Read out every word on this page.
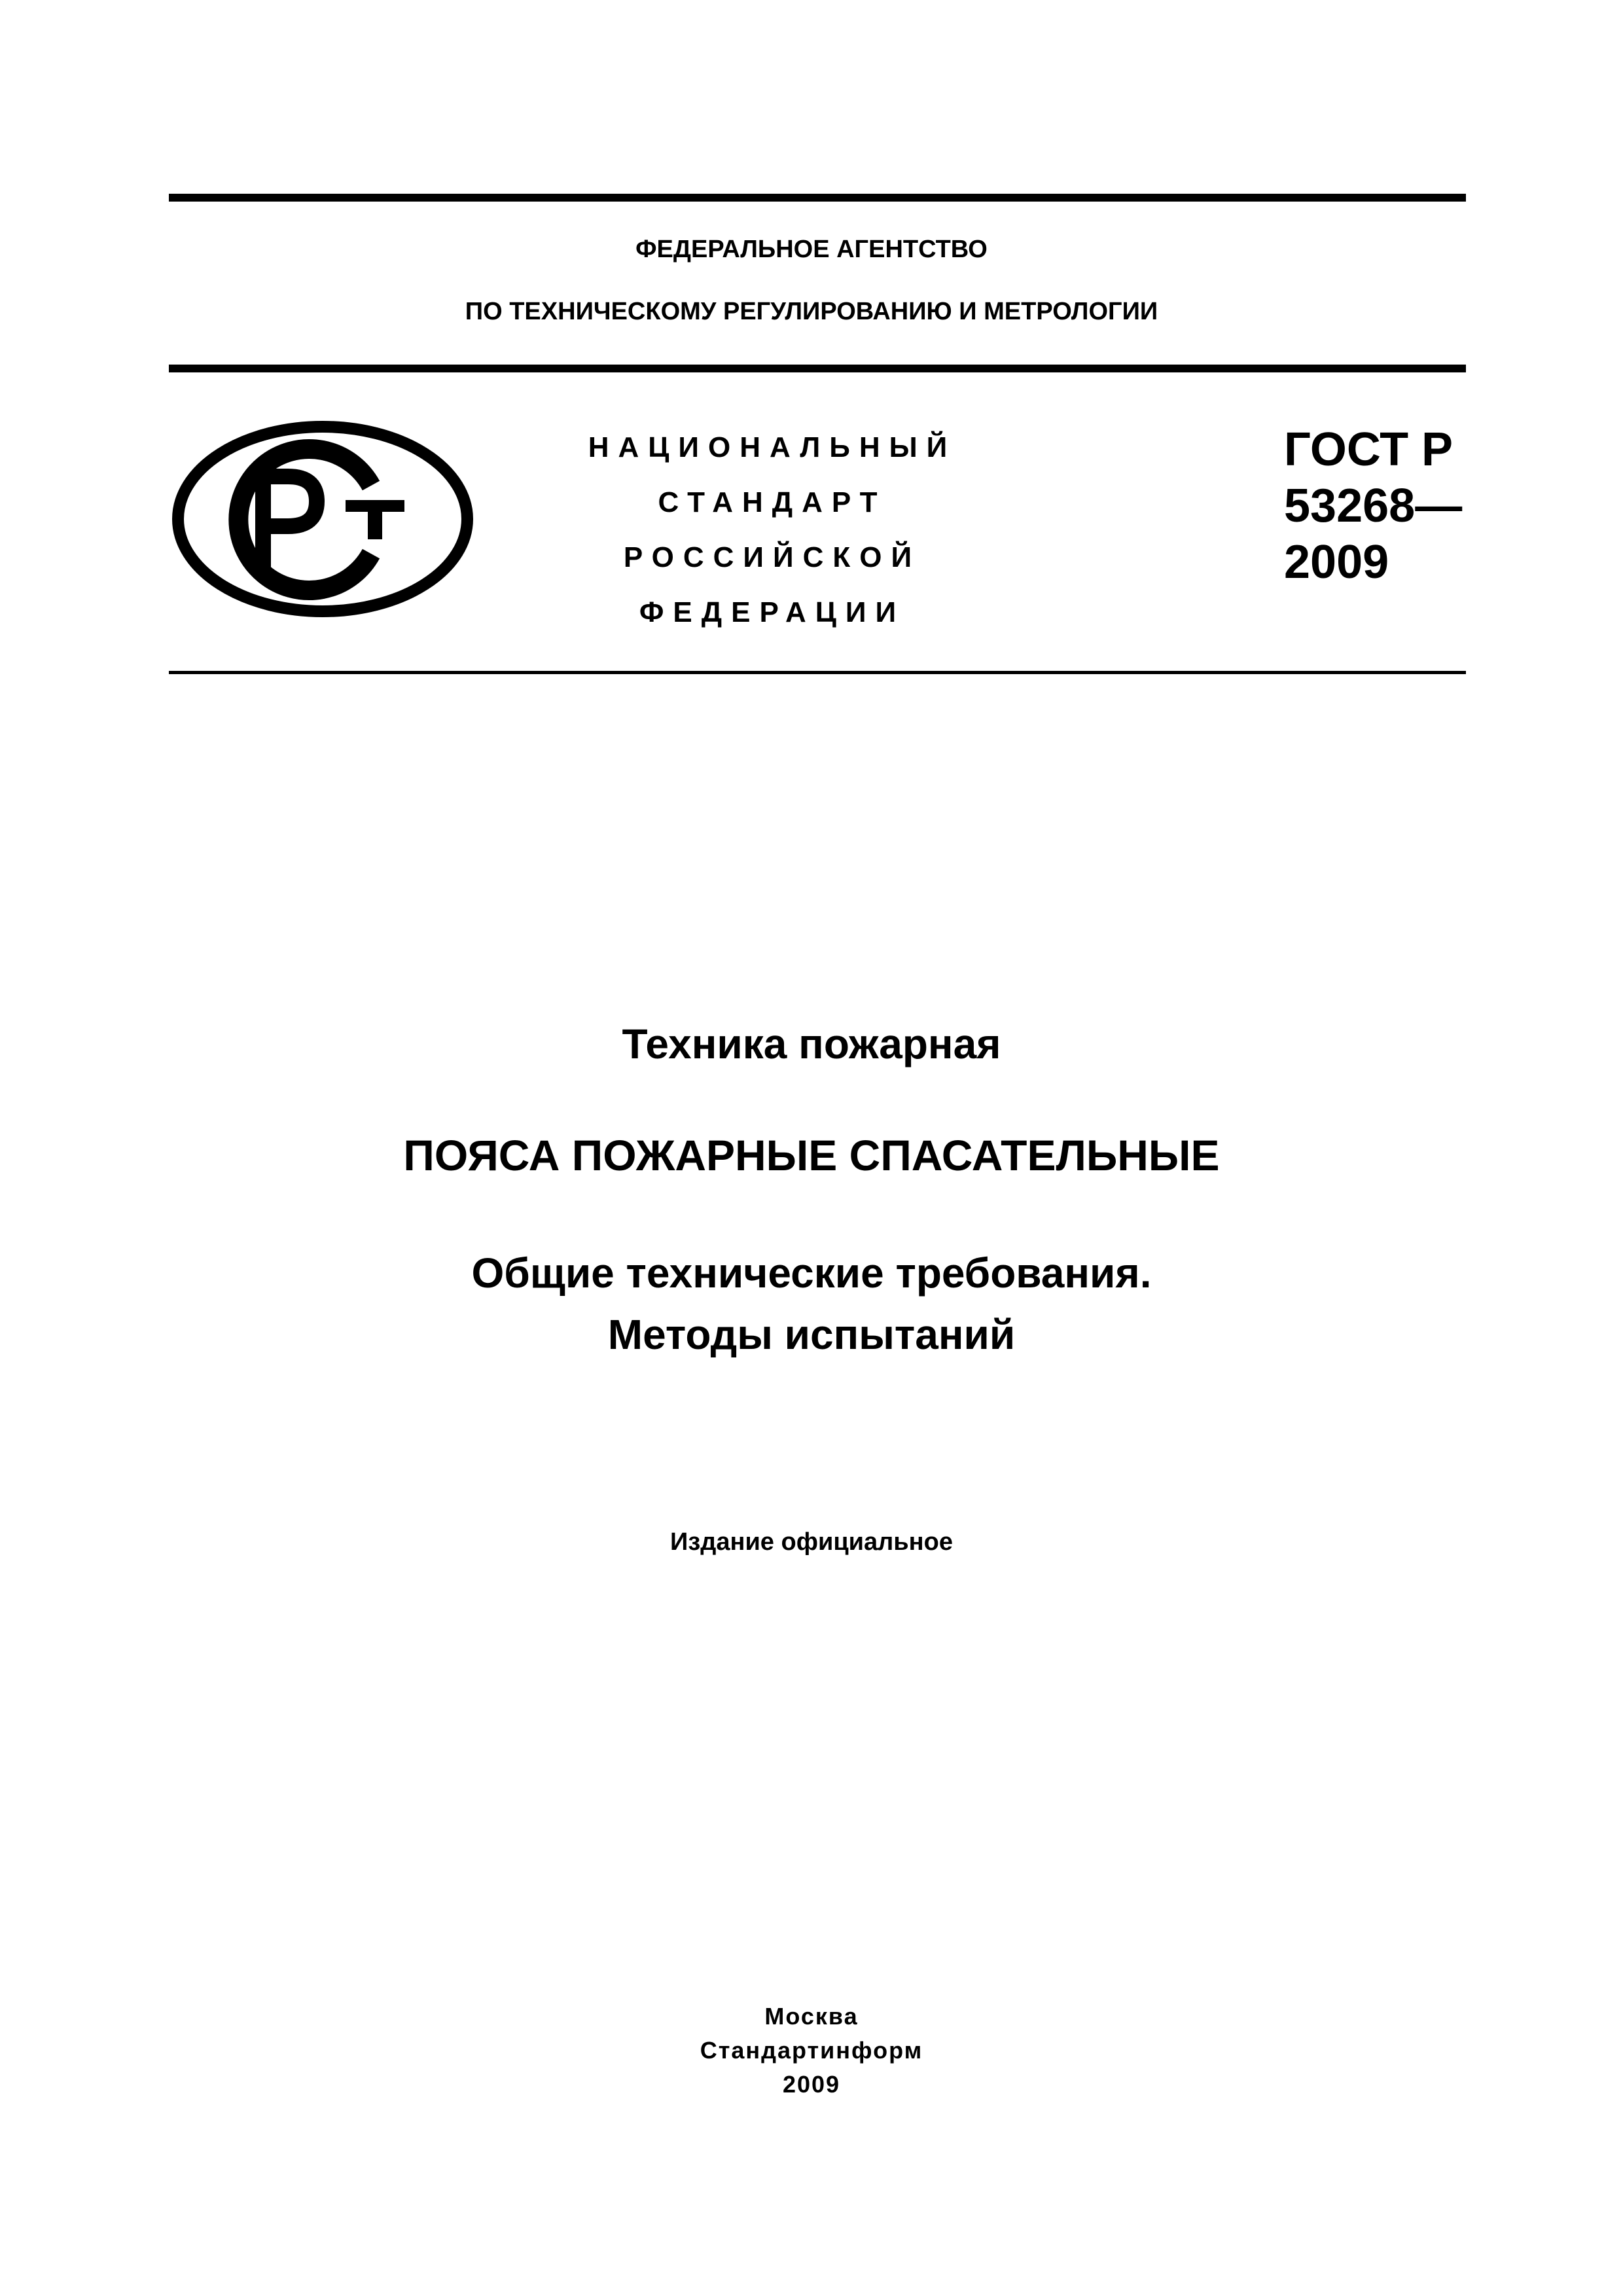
ФЕДЕРАЛЬНОЕ АГЕНТСТВО
ПО ТЕХНИЧЕСКОМУ РЕГУЛИРОВАНИЮ И МЕТРОЛОГИИ
НАЦИОНАЛЬНЫЙ
СТАНДАРТ
РОССИЙСКОЙ
ФЕДЕРАЦИИ
ГОСТ Р
53268—
2009
Техника пожарная
ПОЯСА ПОЖАРНЫЕ СПАСАТЕЛЬНЫЕ
Общие технические требования.
Методы испытаний
Издание официальное
Москва
Стандартинформ
2009
